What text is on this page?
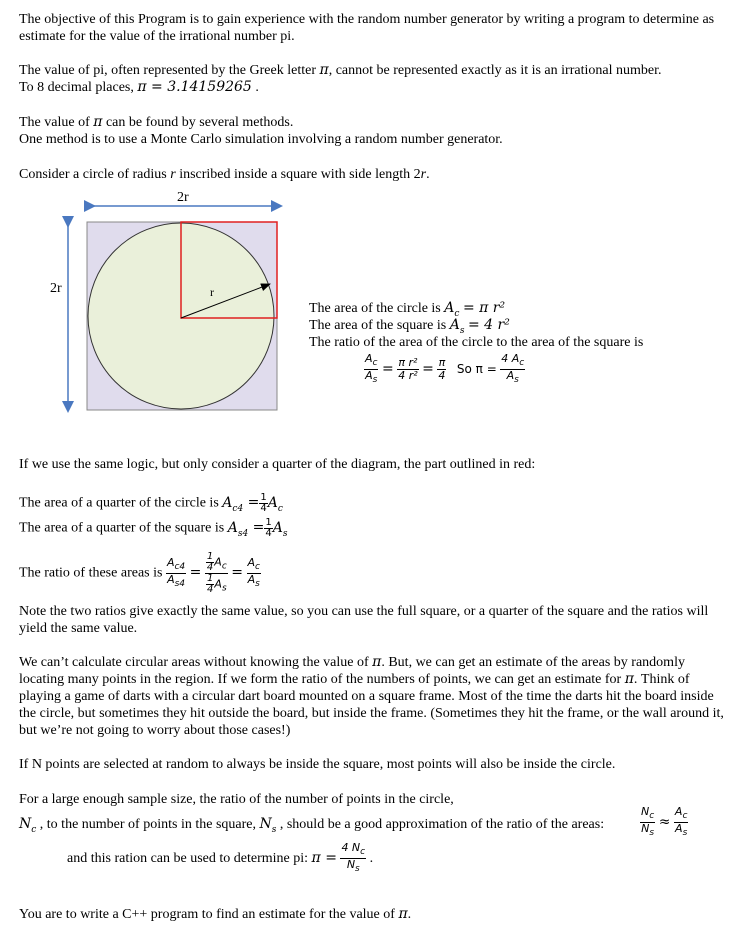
The objective of this Program is to gain experience with the random number generator by writing a program to determine as estimate for the value of the irrational number pi.

The value of pi, often represented by the Greek letter π, cannot be represented exactly as it is an irrational number.
To 8 decimal places, π = 3.14159265 .
The value of π can be found by several methods.
One method is to use a Monte Carlo simulation involving a random number generator.
Consider a circle of radius r inscribed inside a square with side length 2r.
2r
2r	r
The area of the circle is $A_c = \pi$ r²
The area of the square is $A_s = 4$ r²
The ratio of the area of the circle to the area of the square is
$\frac{A_c}{A_s} = \frac{\text{π r²}}{\text{4 r²}} = \frac{\pi}{4}$ So $\pi = \frac{4 A_c}{A_s}$
If we use the same logic, but only consider a quarter of the diagram, the part outlined in red:
The area of a quarter of the circle is $A_{c4} = \frac{1}{4} A_c$
The area of a quarter of the square is $A_{s4} = \frac{1}{4} A_s$
The ratio of these areas is $\frac{A_{c4}}{A_{s4}} = \frac{\frac{1}{4} A_c}{\frac{1}{4} A_s} = \frac{A_c}{A_s}$

Note the two ratios give exactly the same value, so you can use the full square, or a quarter of the square and the ratios will yield the same value.

We can’t calculate circular areas without knowing the value of π. But, we can get an estimate of the areas by randomly locating many points in the region. If we form the ratio of the numbers of points, we can get an estimate for π. Think of playing a game of darts with a circular dart board mounted on a square frame. Most of the time the darts hit the board inside the circle, but sometimes they hit outside the board, but inside the frame. (Sometimes they hit the frame, or the wall around it, but we’re not going to worry about those cases!)

If N points are selected at random to always be inside the square, most points will also be inside the circle.
For a large enough sample size, the ratio of the number of points in the circle,
$N_c$ , to the number of points in the square, $N_s$ , should be a good approximation of the ratio of the areas:	$\frac{N_c}{N_s} \approx \frac{A_c}{A_s}$
and this ration can be used to determine pi: $\pi = \frac{4 N_c}{N_s}$ .
You are to write a C++ program to find an estimate for the value of π.
